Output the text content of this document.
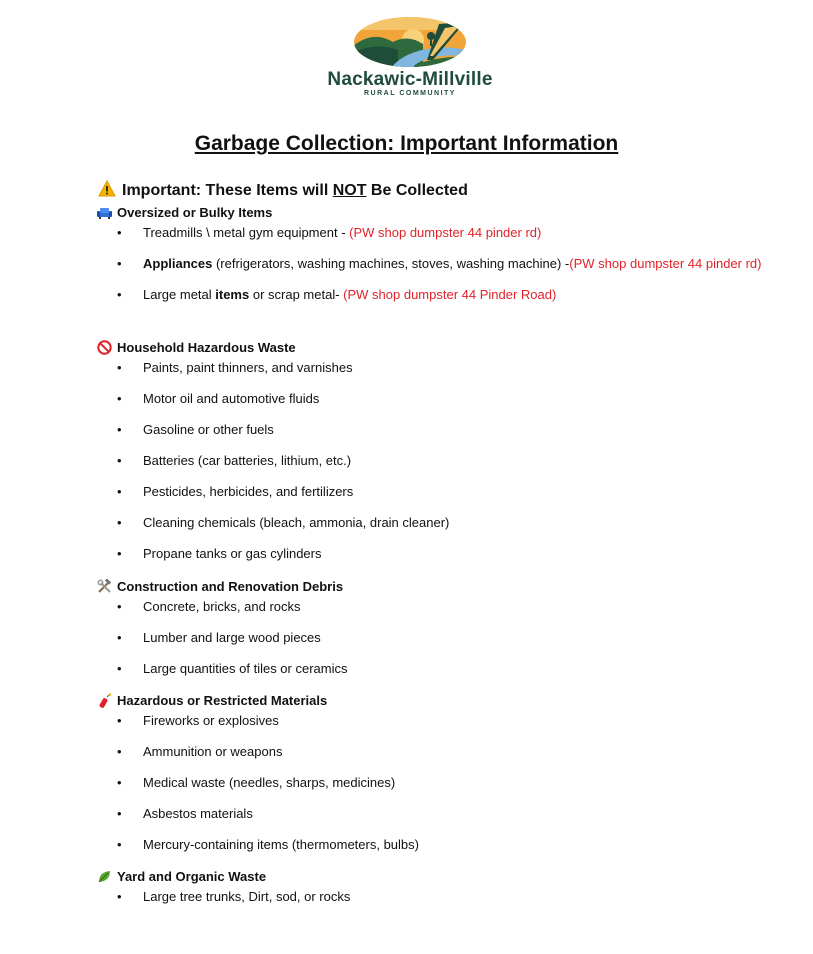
Nackawic-Millville
RURAL COMMUNITY
Garbage Collection: Important Information
Important: These Items will NOT Be Collected
Oversized or Bulky Items
• Treadmills \ metal gym equipment - (PW shop dumpster 44 pinder rd)
• Appliances (refrigerators, washing machines, stoves, washing machine) -(PW shop dumpster 44 pinder rd)
• Large metal items or scrap metal- (PW shop dumpster 44 Pinder Road)
Household Hazardous Waste
• Paints, paint thinners, and varnishes
• Motor oil and automotive fluids
• Gasoline or other fuels
• Batteries (car batteries, lithium, etc.)
• Pesticides, herbicides, and fertilizers
• Cleaning chemicals (bleach, ammonia, drain cleaner)
• Propane tanks or gas cylinders
Construction and Renovation Debris
• Concrete, bricks, and rocks
• Lumber and large wood pieces
• Large quantities of tiles or ceramics
Hazardous or Restricted Materials
• Fireworks or explosives
• Ammunition or weapons
• Medical waste (needles, sharps, medicines)
• Asbestos materials
• Mercury-containing items (thermometers, bulbs)
Yard and Organic Waste
• Large tree trunks, Dirt, sod, or rocks
